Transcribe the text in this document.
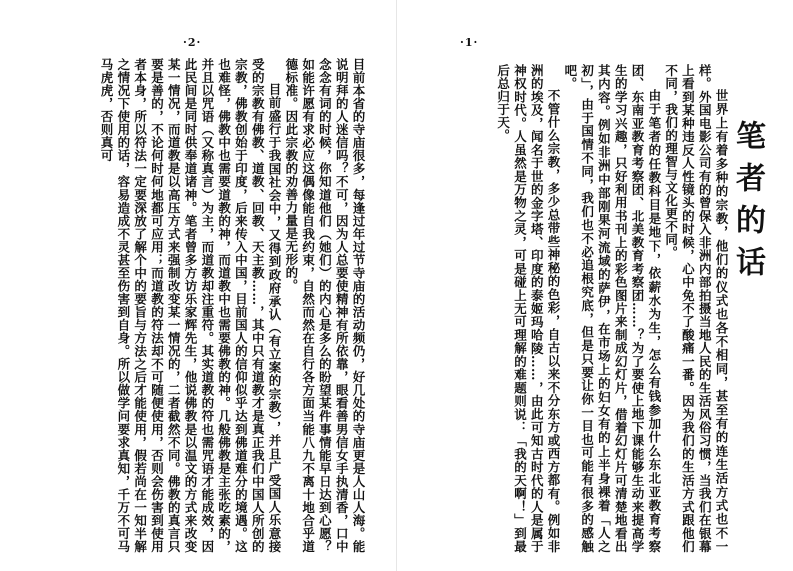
·2·

目前本省的寺庙很多，每逢过年过节寺庙的活动频仍，好几处的寺庙更是人山人海。能说明拜的人迷信吗？不可，因为人总要使精神有所依靠，眼看善男信女手执清香，口中念念有词的时候，你知道他们（她们）的内心是多么的盼望某件事情能早日达到心愿？如能许愿有求必应这偶像能自我约束，自然而然在自行各方面当能八九不离十地合乎道德标准。因此宗教的劝善力量是无形的。

目前盛行于我国社会中，又得到政府承认（有立案的宗教），并且广受国人乐意接受的宗教有佛教、道教、回教、天主教……，其中只有道教才是真正我们中国人所创的宗教，佛教创始于印度，后来传入中国，目前国人的信仰似乎达到佛道难分的境遇。这也难怪，佛教中也需要道教的神，而道教中也需要佛教的神。几般佛教是主张吃素的，并且以咒语（又称真言）为主，而道教却注重符。其实道教的符也需咒语才能成效，因此民间是同时供奉道诸神。笔者曾多方访乐家辉先生，他说佛教是以温文的方式来改变某一情况，而道教是以高压方式来强制改变某一情况的，二者截然不同。佛教的真言只要是善的，不论何时何地都可应用；而道教的符法却不可随便使用，否则会伤害到使用者本身，所以符法一定要深放了解个中的要旨与方法之后才能使用，假若尚在一知半解之情况下使用的话，容易造成不灵甚至伤害到自身。所以做学问要求真知，千万不可马马虎虎，否则真可

·1·
笔者的话

世界上有着多种的宗教，他们的仪式也各不相同，甚至有的连生活方式也不一样。外国电影公司有的曾保入非洲内部拍摄当地人民的生活风俗习惯，当我们在银幕上看到某种违反人性镜头的时候，心中免不了酸痛一番。因为我们的生活方式跟他们不同，我们的理智与文化更不同。

由于笔者的任教科目是地下，依薪水为生，怎么有钱参加什么东北亚教育考察团、东南亚教育考察团、北美教育考察团……？为了要使上地下课能够生动来提高学生的学习兴趣，只好利用书刊上的彩色图片来制成幻灯片，借着幻灯片可清楚地看出其内容。例如非洲中部刚果河流域的萨伊，在市场上的妇女有的上半身裸着「人之初」，由于国情不同，我们也不必追根究底，但是只要让你一目也可能有很多的感触吧。

不管什么宗教，多少总带些神秘的色彩，自古以来不分东方或西方都有。例如非洲的埃及，闻名于世的金字塔、印度的泰姬玛哈陵……，由此可知古时代的人是属于神权时代。人虽然是万物之灵，可是碰上无可理解的难题则说：「我的天啊！」到最后总归于天。
